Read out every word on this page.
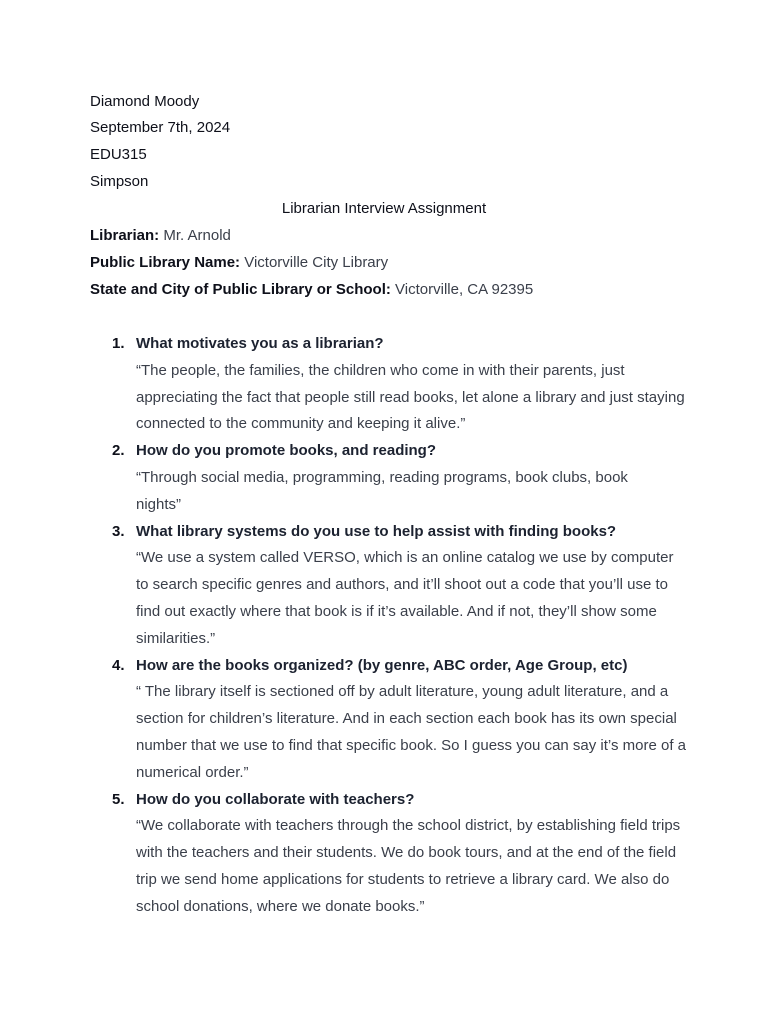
Diamond Moody
September 7th, 2024
EDU315
Simpson
Librarian Interview Assignment
Librarian: Mr. Arnold
Public Library Name: Victorville City Library
State and City of Public Library or School: Victorville, CA 92395
1. What motivates you as a librarian?
“The people, the families, the children who come in with their parents, just appreciating the fact that people still read books, let alone a library and just staying connected to the community and keeping it alive.”
2. How do you promote books, and reading?
“Through social media, programming, reading programs, book clubs, book nights”
3. What library systems do you use to help assist with finding books?
“We use a system called VERSO, which is an online catalog we use by computer to search specific genres and authors, and it’ll shoot out a code that you’ll use to find out exactly where that book is if it’s available. And if not, they’ll show some similarities.”
4. How are the books organized? (by genre, ABC order, Age Group, etc)
“ The library itself is sectioned off by adult literature, young adult literature, and a section for children’s literature. And in each section each book has its own special number that we use to find that specific book. So I guess you can say it’s more of a numerical order.”
5. How do you collaborate with teachers?
“We collaborate with teachers through the school district, by establishing field trips with the teachers and their students. We do book tours, and at the end of the field trip we send home applications for students to retrieve a library card. We also do school donations, where we donate books.”
